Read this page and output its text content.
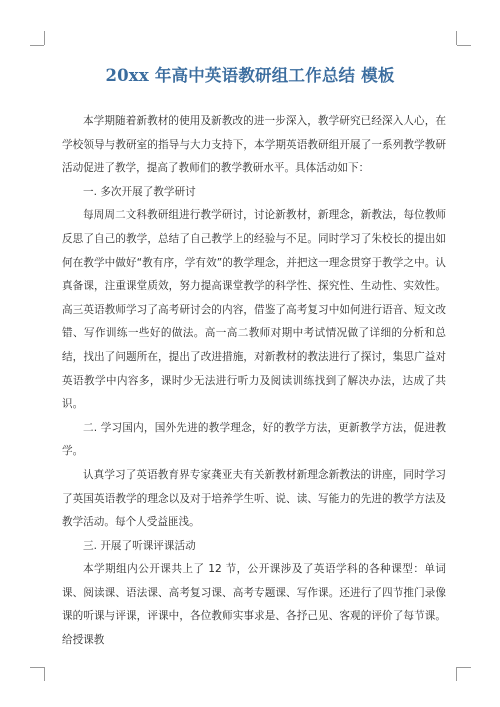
20xx 年高中英语教研组工作总结 模板

本学期随着新教材的使用及新教改的进一步深入，教学研究已经深入人心，在学校领导与教研室的指导与大力支持下，本学期英语教研组开展了一系列教学教研活动促进了教学，提高了教师们的教学教研水平。具体活动如下：

一. 多次开展了教学研讨

每周周二文科教研组进行教学研讨，讨论新教材，新理念，新教法，每位教师反思了自己的教学，总结了自己教学上的经验与不足。同时学习了朱校长的提出如何在教学中做好“教有序，学有效”的教学理念，并把这一理念贯穿于教学之中。认真备课，注重课堂质效，努力提高课堂教学的科学性、探究性、生动性、实效性。高三英语教师学习了高考研讨会的内容，借鉴了高考复习中如何进行语音、短文改错、写作训练一些好的做法。高一高二教师对期中考试情况做了详细的分析和总结，找出了问题所在，提出了改进措施，对新教材的教法进行了探讨，集思广益对英语教学中内容多，课时少无法进行听力及阅读训练找到了解决办法，达成了共识。

二. 学习国内，国外先进的教学理念，好的教学方法，更新教学方法，促进教学。

认真学习了英语教育界专家龚亚夫有关新教材新理念新教法的讲座，同时学习了英国英语教学的理念以及对于培养学生听、说、读、写能力的先进的教学方法及教学活动。每个人受益匪浅。

三. 开展了听课评课活动

本学期组内公开课共上了 12 节，公开课涉及了英语学科的各种课型：单词课、阅读课、语法课、高考复习课、高考专题课、写作课。还进行了四节推门录像课的听课与评课，评课中，各位教师实事求是、各抒己见、客观的评价了每节课。给授课教
